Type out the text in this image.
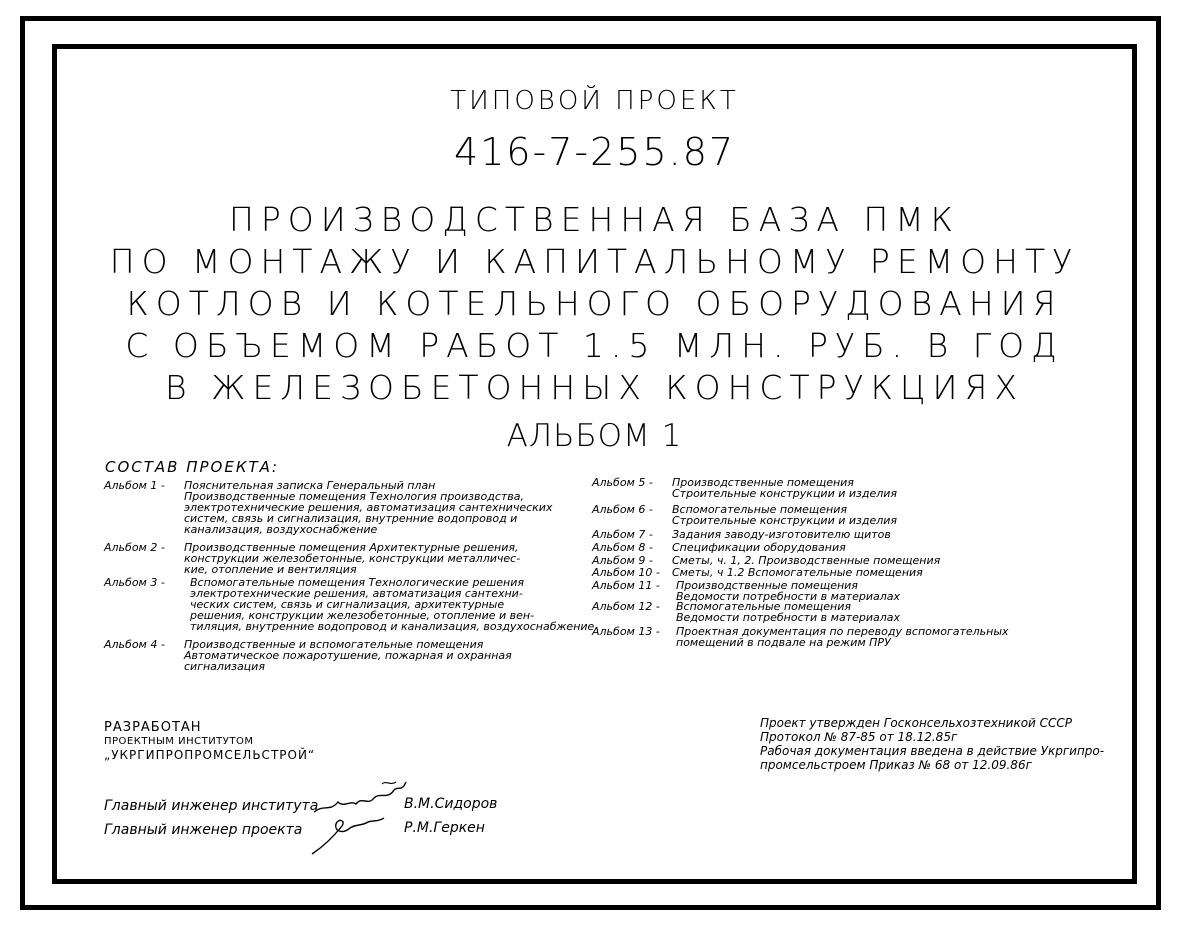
ТИПОВОЙ ПРОЕКТ
416-7-255.87
ПРОИЗВОДСТВЕННАЯ БАЗА ПМК
ПО МОНТАЖУ И КАПИТАЛЬНОМУ РЕМОНТУ
КОТЛОВ И КОТЕЛЬНОГО ОБОРУДОВАНИЯ
С ОБЪЕМОМ РАБОТ 1.5 МЛН. РУБ. В ГОД
В ЖЕЛЕЗОБЕТОННЫХ КОНСТРУКЦИЯХ
АЛЬБОМ 1
СОСТАВ ПРОЕКТА:
Альбом 1 - Пояснительная записка Генеральный план
Производственные помещения Технология производства,
электротехнические решения, автоматизация сантехнических
систем, связь и сигнализация, внутренние водопровод и
канализация, воздухоснабжение
Альбом 2 - Производственные помещения Архитектурные решения,
конструкции железобетонные, конструкции металличес-
кие, отопление и вентиляция
Альбом 3 - Вспомогательные помещения Технологические решения
электротехнические решения, автоматизация сантехни-
ческих систем, связь и сигнализация, архитектурные
решения, конструкции железобетонные, отопление и вен-
тиляция, внутренние водопровод и канализация, воздухоснабжение
Альбом 4 - Производственные и вспомогательные помещения
Автоматическое пожаротушение, пожарная и охранная
сигнализация
Альбом 5 - Производственные помещения
Строительные конструкции и изделия
Альбом 6 - Вспомогательные помещения
Строительные конструкции и изделия
Альбом 7 - Задания заводу-изготовителю щитов
Альбом 8 - Спецификации оборудования
Альбом 9 - Сметы, ч. 1, 2. Производственные помещения
Альбом 10 - Сметы, ч 1.2 Вспомогательные помещения
Альбом 11 - Производственные помещения
Ведомости потребности в материалах
Альбом 12 - Вспомогательные помещения
Ведомости потребности в материалах
Альбом 13 - Проектная документация по переводу вспомогательных
помещений в подвале на режим ПРУ
РАЗРАБОТАН
ПРОЕКТНЫМ ИНСТИТУТОМ
„УКРГИПРОПРОМСЕЛЬСТРОЙ“
Проект утвержден Госконсельхозтехникой СССР
Протокол № 87-85 от 18.12.85г
Рабочая документация введена в действие Укргипро-
промсельстроем Приказ № 68 от 12.09.86г
Главный инженер института	В.М.Сидоров
Главный инженер проекта	Р.М.Геркен
